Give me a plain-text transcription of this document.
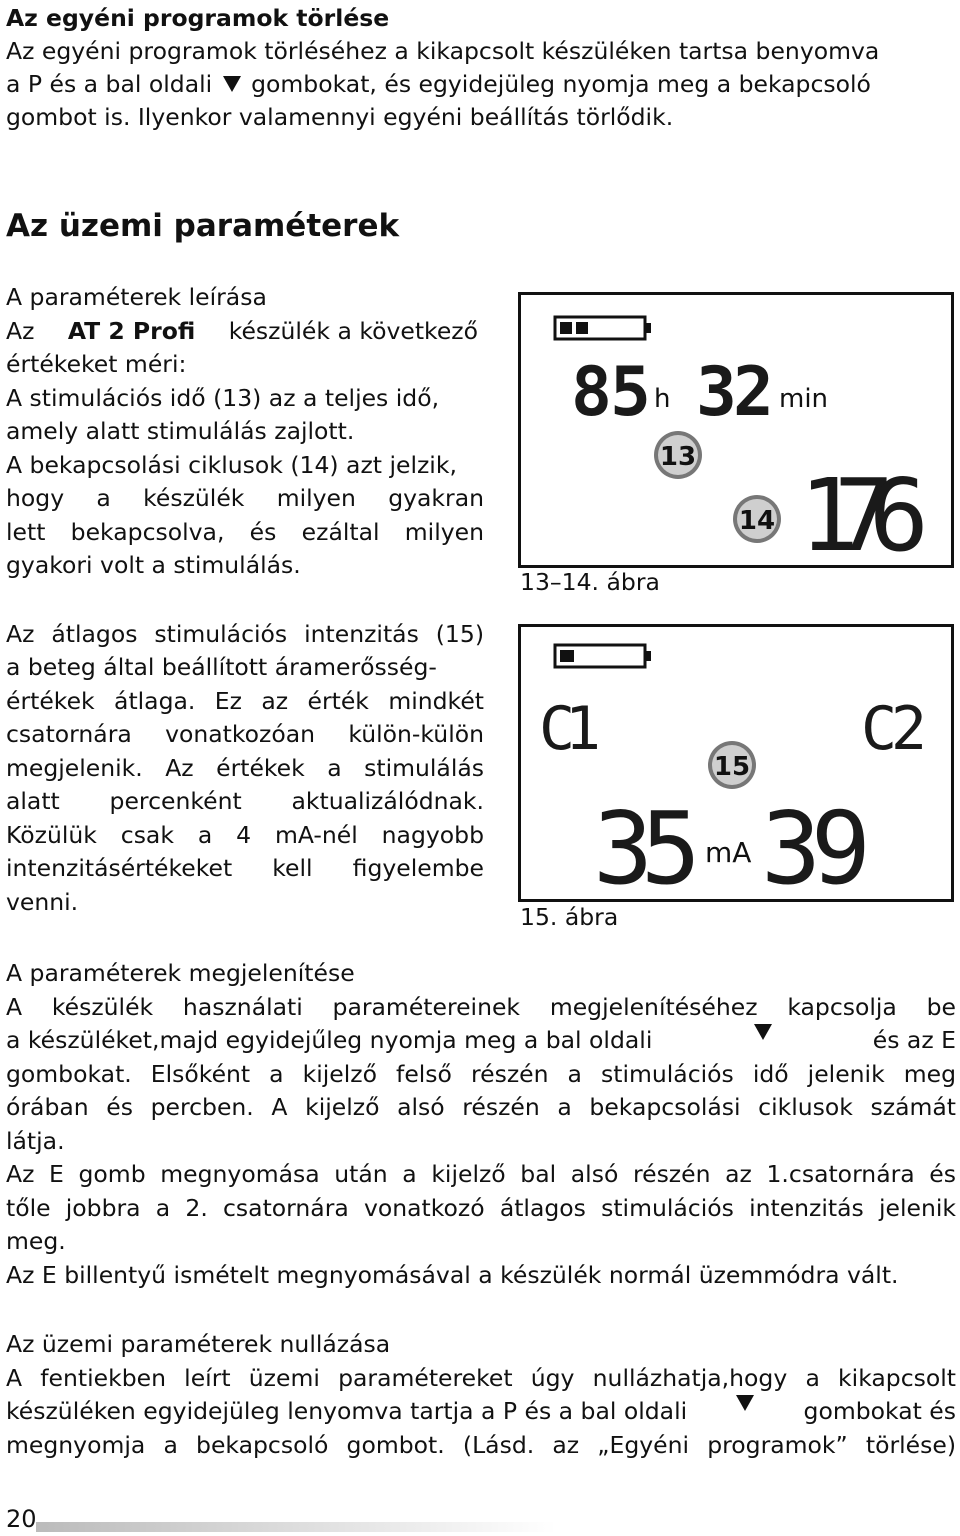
Az egyéni programok törlése
Az egyéni programok törléséhez a kikapcsolt készüléken tartsa benyomva
a P és a bal oldali gombokat, és egyidejüleg nyomja meg a bekapcsoló
gombot is. Ilyenkor valamennyi egyéni beállítás törlődik.
Az üzemi paraméterek
A paraméterek leírása
Az AT 2 Profi készülék a következő
értékeket méri:
A stimulációs idő (13) az a teljes idő,
amely alatt stimulálás zajlott.
A bekapcsolási ciklusok (14) azt jelzik,
hogy a készülék milyen gyakran
lett bekapcsolva, és ezáltal milyen
gyakori volt a stimulálás.
Az átlagos stimulációs intenzitás (15)
a beteg által beállított áramerősség-
értékek átlaga. Ez az érték mindkét
csatornára vonatkozóan külön-külön
megjelenik. Az értékek a stimulálás
alatt percenként aktualizálódnak.
Közülük csak a 4 mA-nél nagyobb
intenzitásértékeket kell figyelembe
venni.
85 h 32 min
13
14 176
13–14. ábra
C1	C2
15
35 mA 39
15. ábra
A paraméterek megjelenítése
A készülék használati paramétereinek megjelenítéséhez kapcsolja be
a készüléket,majd egyidejűleg nyomja meg a bal oldali	és az E
gombokat. Elsőként a kijelző felső részén a stimulációs idő jelenik meg
órában és percben. A kijelző alsó részén a bekapcsolási ciklusok számát
látja.
Az E gomb megnyomása után a kijelző bal alsó részén az 1.csatornára és
tőle jobbra a 2. csatornára vonatkozó átlagos stimulációs intenzitás jelenik
meg.
Az E billentyű ismételt megnyomásával a készülék normál üzemmódra vált.
Az üzemi paraméterek nullázása
A fentiekben leírt üzemi paramétereket úgy nullázhatja,hogy a kikapcsolt
készüléken egyidejüleg lenyomva tartja a P és a bal oldali	gombokat és
megnyomja a bekapcsoló gombot. (Lásd. az „Egyéni programok” törlése)
20
